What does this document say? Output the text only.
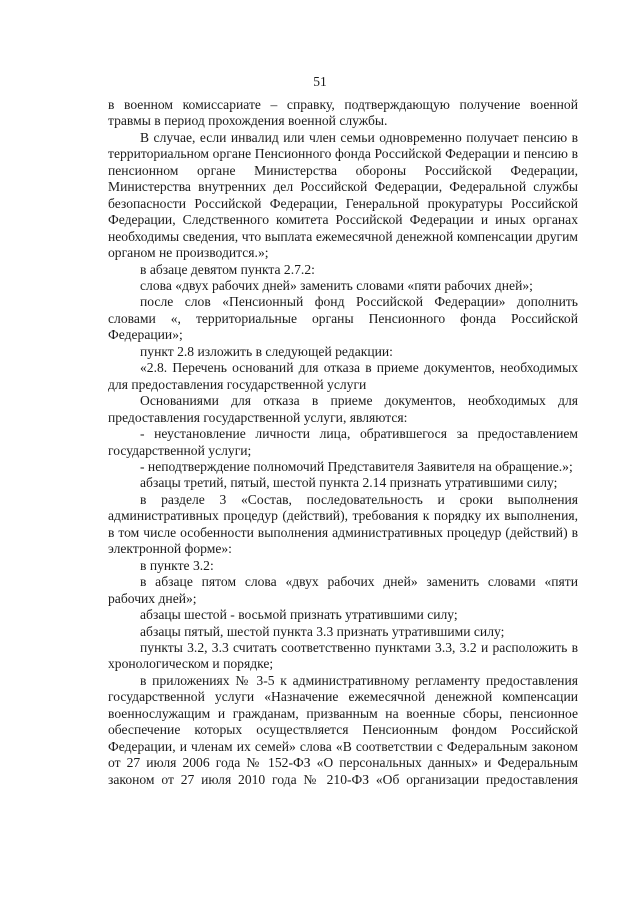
51

в военном комиссариате – справку, подтверждающую получение военной травмы в период прохождения военной службы.

В случае, если инвалид или член семьи одновременно получает пенсию в территориальном органе Пенсионного фонда Российской Федерации и пенсию в пенсионном органе Министерства обороны Российской Федерации, Министерства внутренних дел Российской Федерации, Федеральной службы безопасности Российской Федерации, Генеральной прокуратуры Российской Федерации, Следственного комитета Российской Федерации и иных органах необходимы сведения, что выплата ежемесячной денежной компенсации другим органом не производится.»;

в абзаце девятом пункта 2.7.2:

слова «двух рабочих дней» заменить словами «пяти рабочих дней»;

после слов «Пенсионный фонд Российской Федерации» дополнить словами «, территориальные органы Пенсионного фонда Российской Федерации»;

пункт 2.8 изложить в следующей редакции:

«2.8. Перечень оснований для отказа в приеме документов, необходимых для предоставления государственной услуги

Основаниями для отказа в приеме документов, необходимых для предоставления государственной услуги, являются:

- неустановление личности лица, обратившегося за предоставлением государственной услуги;

- неподтверждение полномочий Представителя Заявителя на обращение.»;

абзацы третий, пятый, шестой пункта 2.14 признать утратившими силу;

в разделе 3 «Состав, последовательность и сроки выполнения административных процедур (действий), требования к порядку их выполнения, в том числе особенности выполнения административных процедур (действий) в электронной форме»:

в пункте 3.2:

в абзаце пятом слова «двух рабочих дней» заменить словами «пяти рабочих дней»;

абзацы шестой - восьмой признать утратившими силу;

абзацы пятый, шестой пункта 3.3 признать утратившими силу;

пункты 3.2, 3.3 считать соответственно пунктами 3.3, 3.2 и расположить в хронологическом и порядке;

в приложениях № 3-5 к административному регламенту предоставления государственной услуги «Назначение ежемесячной денежной компенсации военнослужащим и гражданам, призванным на военные сборы, пенсионное обеспечение которых осуществляется Пенсионным фондом Российской Федерации, и членам их семей» слова «В соответствии с Федеральным законом от 27 июля 2006 года № 152-ФЗ «О персональных данных» и Федеральным законом от 27 июля 2010 года № 210-ФЗ «Об организации предоставления
